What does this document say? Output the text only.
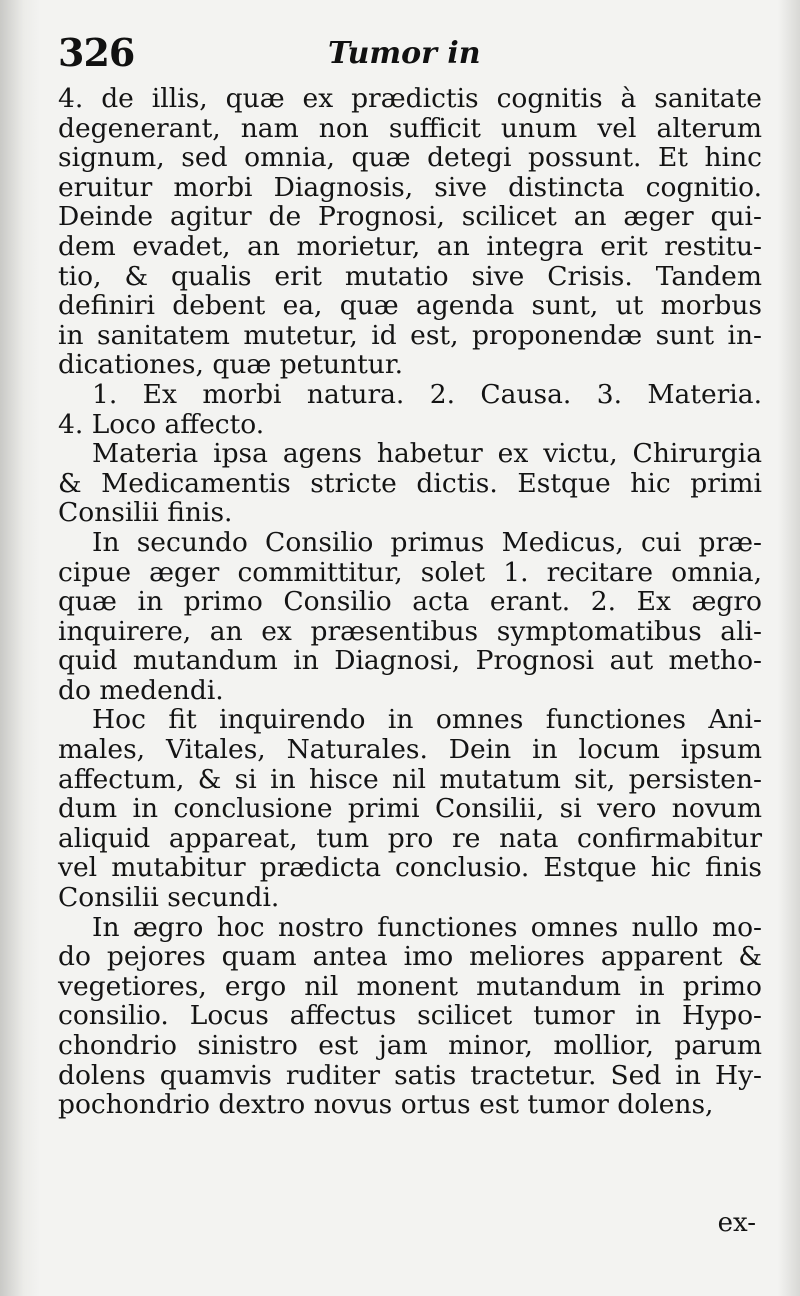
326	Tumor in
4. de illis, quæ ex prædictis cognitis à sanitate
degenerant, nam non sufficit unum vel alterum
signum, sed omnia, quæ detegi possunt. Et hinc
eruitur morbi Diagnosis, sive distincta cognitio.
Deinde agitur de Prognosi, scilicet an æger qui-
dem evadet, an morietur, an integra erit restitu-
tio, & qualis erit mutatio sive Crisis. Tandem
definiri debent ea, quæ agenda sunt, ut morbus
in sanitatem mutetur, id est, proponendæ sunt in-
dicationes, quæ petuntur.
1. Ex morbi natura. 2. Causa. 3. Materia.
4. Loco affecto.
Materia ipsa agens habetur ex victu, Chirurgia
& Medicamentis stricte dictis. Estque hic primi
Consilii finis.
In secundo Consilio primus Medicus, cui præ-
cipue æger committitur, solet 1. recitare omnia,
quæ in primo Consilio acta erant. 2. Ex ægro
inquirere, an ex præsentibus symptomatibus ali-
quid mutandum in Diagnosi, Prognosi aut metho-
do medendi.
Hoc fit inquirendo in omnes functiones Ani-
males, Vitales, Naturales. Dein in locum ipsum
affectum, & si in hisce nil mutatum sit, persisten-
dum in conclusione primi Consilii, si vero novum
aliquid appareat, tum pro re nata confirmabitur
vel mutabitur prædicta conclusio. Estque hic finis
Consilii secundi.
In ægro hoc nostro functiones omnes nullo mo-
do pejores quam antea imo meliores apparent &
vegetiores, ergo nil monent mutandum in primo
consilio. Locus affectus scilicet tumor in Hypo-
chondrio sinistro est jam minor, mollior, parum
dolens quamvis ruditer satis tractetur. Sed in Hy-
pochondrio dextro novus ortus est tumor dolens,
ex-
